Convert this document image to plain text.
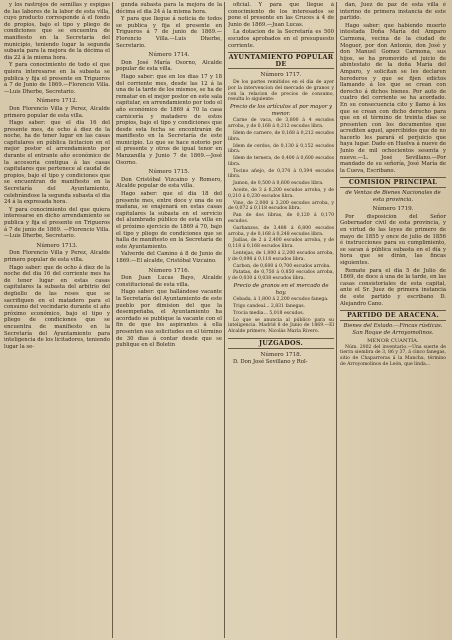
y los rastrojos de semillas y espigas de las labores de la labor de esta villa, cuyo producto corresponde á el fondo de propios, bajo el tipo y pliego de condiciones que se encuentra de manifiesto en la Secretaría del municipio, teniendo lugar la segunda subasta para la mejora de la décima el dia 22 á la misma hora.

Y para conocimiento de todo el que quiera interesarse en la subasta se publica y fija el presente en Trigueros á 7 de Junio de 1869.—Florencio Villa.—Luis Dherbe, Secretario.

Número 1712.

Don Florencio Villa y Perez, Alcalde primero popular de esta villa.

Hago saber: que el dia 16 del presente mes, de ocho á diez de la noche, ha de tener lugar en las casas capitulares en pública licitacion en el mejor postor el arrendamiento por durante el entrante año económico de la accesoria contigua á las casas capitulares que pertenece al caudal de propios, bajo el tipo y condiciones que se encuentran de manifiesto en la Secretaría del Ayuntamiento, celebrándose la segunda subasta el dia 24 á la expresada hora.

Y para conocimiento del que quiera interesarse en dicho arrendamiento se publica y fija el presente en Trigueros á 7 de junio de 1869. —Florencio Villa.—Luis Dherbe, Secretario.

Número 1713.

Don Florencio Villa y Perez, Alcalde primero popular de esta villa.

Hago saber: que de ocho á diez de la noche del dia 16 del corriente mes ha de tener lugar en estas casas capitulares la subasta del arbitrio del degüello de las reses que se sacrifiquen en el matadero para el consumo del vecindario durante el año próximo económico, bajo el tipo y pliego de condiciones que se encuentra de manifiesto en la Secretaría del Ayuntamiento para inteligencia de los licitadores, teniendo lugar la se-

gunda subasta para la mejora de la décima el dia 24 á la misma hora.

Y para que llegue á noticia de todos se publica y fija el presente en Trigueros á 7 de junio de 1869.—Florencio Villa.—Luis Dherbe, Secretario.

Número 1714.

Don José María Osorno, Alcalde popular de esta villa.

Hago saber: que en los dias 17 y 18 del corriente mes, desde las 12 á la una de la tarde de los mismos, se ha de rematar en el mejor postor en este sala capitular, en arrendamiento por todo el año económico de 1869 á 70 la casa carnicería y matadero de estos propios, bajo el tipo y condiciones que desde esta fecha se encontrarán de manifiesto en la Secretaría de este municipio. Lo que se hace notorio por el presente y otros de igual tenor en Manzanilla y Junio 7 de 1869.—José Osorno.

Número 1715.

Don Cristóbal Vizcaino y Romero, Alcalde popular de esta villa.

Hago saber: que el dia 18 del presente mes, entre doce y una de su mañana, se enajenará en estas casas capitulares la subasta en el servicio del alumbrado público de esta villa en el próximo ejercicio de 1869 á 70, bajo el tipo y pliego de condiciones que se halla de manifiesto en la Secretaría de este Ayuntamiento.

Valverde del Camino á 8 de Junio de 1869.—El alcalde, Cristóbal Vizcaino.

Número 1716.

Don Juan Lucas Bayo, Alcalde constitucional de esta villa.

Hago saber: que hallándose vacante la Secretaría del Ayuntamiento de este pueblo por dimision del que la desempeñaba, el Ayuntamiento ha acordado se publique la vacante con el fin de que los aspirantes á ella presenten sus solicitudes en el término de 30 dias á contar desde que se publique en el Boletin

oficial. Y para que llegue á conocimiento de los interesados se pone el presente en las Cruces á 4 de Junio de 1869.—Juan Lucas.

La dotacion de la Secretaría es 500 escudos aprobados en el presupuesto corriente.

AYUNTAMIENTO POPULAR DE
Número 1717.

De los partes remitidos en el dia de ayer por la intervencion del mercado de granos y con la relacion de precios de consumo, resulta lo siguiente:

Precio de los artículos al por mayor y menor.

Carne de vaca, de 3,800 á 4 escudos arroba, y de 0,168 á 0,212 escudos libra.

Idem de carnero, de 0,168 á 0,212 escudos libra.

Idem de cerdos, de 0,130 á 0,152 escudos libra.

Idem de ternera, de 0,400 á 0,600 escudos libra.

Tocino añejo, de 0,370 á 0,394 escudos libra.

Jamon, de 0,500 á 0,600 escudos libra.

Aceite, de 3 á 6,200 escudos arroba, y de 0,210 á 0,230 escudos libra.

Vino, de 2,000 á 3,200 escudos arroba, y de 0,072 á 0,118 escudos libra.

Pan de dos libras, de 0,120 á 0,170 escudos.

Garbanzos, de 3,488 á 6,800 escudos arroba, y de 0,168 á 0,248 escudos libra.

Judías, de 2 á 2,400 escudos arroba, y de 0,118 á 0,168 escudos libra.

Lentejas, de 1,800 á 2,200 escudos arroba, y de 0,098 á 0,118 escudos libra.

Carbon, de 0,600 á 0,700 escudos arroba.

Patatas, de 0,750 á 0,850 escudos arroba, y de 0,030 á 0,038 escudos libra.

Precio de granos en el mercado de hoy.

Cebada, á 1,800 á 2,200 escudos fanega.

Trigo candeal... 2,831 fanegas.

Trocia media... 5,018 escudos.

Lo que se anuncia al público para su inteligencia. Madrid 8 de Junio de 1869.—El Alcalde primero, Nicolás María Rivero.

JUZGADOS.
Número 1718.

D. Don José Sevillano y Rol-

dan, Juez de paz de esta villa é interino de primera instancia de este partido.

Hago saber: que habiendo muerto intestada Doña María del Amparo Carmona, vecina de la ciudad de Moguer, por don Antonio, don José y don Manuel Gomez Carmona, sus hijos, se ha promovido el juicio de abintestato de la doña María del Amparo, y solicitan se les declaren herederos y que se fijen edictos llamando á los que se crean con derecho á dichos bienes. Por auto de cuatro del corriente se ha acordado. En su consecuencia cito y llamo á los que se crean con dicho derecho para que en el término de treinta dias se presenten con los documentos que acrediten aquel, apercibidos que de no hacerlo les parará el perjuicio que haya lugar. Dado en Huelva á nueve de Junio de mil ochocientos sesenta y nueve.—L. José Sevillano.—Por mandado de su señoría, José María de la Cueva, Escribano.

COMISION PRINCIPAL
de Ventas de Bienes Nacionales de esta provincia.
Número 1719.

Por disposicion del Señor Gobernador civil de esta provincia, y en virtud de las leyes de primero de mayo de 1855 y once de julio de 1856 é instrucciones para su cumplimiento, se sacan á pública subasta en el día y hora que se dirán, las fincas siguientes.

Remate para el dia 5 de Julio de 1869, de doce á una de la tarde, en las casas consistoriales de esta capital, ante el Sr. Juez de primera instancia de este partido y escribano D. Alejandro Cano.

PARTIDO DE ARACENA.
Bienes del Estado.—Fincas rústicas.
San Roque de Arroyomolinos.
MENOR CUANTÍA.

Núm. 2002 del inventario.—Una suerte de tierra siembra de 3, 86 y 37, á cinco fanegas, sitio de Chaparreras á la Mancha, término de Arroyomolinos de León, que linda...
